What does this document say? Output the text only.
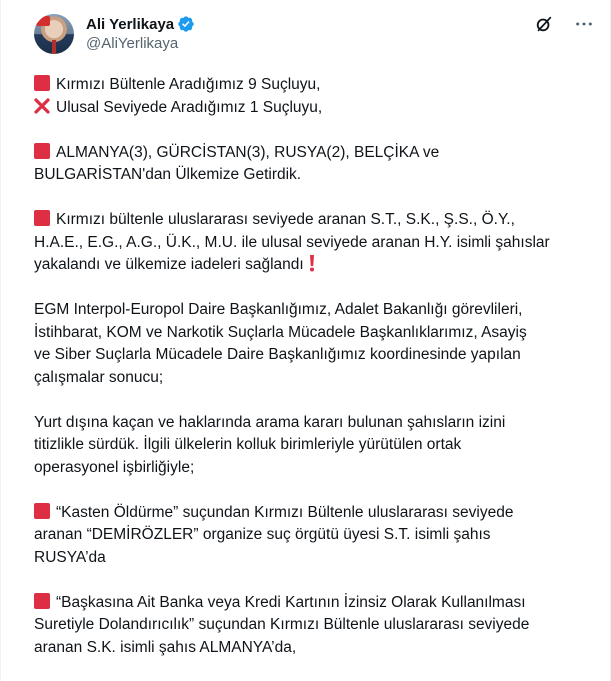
Ali Yerlikaya
@AliYerlikaya
Kırmızı Bültenle Aradığımız 9 Suçluyu,
Ulusal Seviyede Aradığımız 1 Suçluyu,
ALMANYA(3), GÜRCİSTAN(3), RUSYA(2), BELÇİKA ve
BULGARİSTAN'dan Ülkemize Getirdik.
Kırmızı bültenle uluslararası seviyede aranan S.T., S.K., Ş.S., Ö.Y.,
H.A.E., E.G., A.G., Ü.K., M.U. ile ulusal seviyede aranan H.Y. isimli şahıslar
yakalandı ve ülkemize iadeleri sağlandı
EGM Interpol-Europol Daire Başkanlığımız, Adalet Bakanlığı görevlileri,
İstihbarat, KOM ve Narkotik Suçlarla Mücadele Başkanlıklarımız, Asayiş
ve Siber Suçlarla Mücadele Daire Başkanlığımız koordinesinde yapılan
çalışmalar sonucu;
Yurt dışına kaçan ve haklarında arama kararı bulunan şahısların izini
titizlikle sürdük. İlgili ülkelerin kolluk birimleriyle yürütülen ortak
operasyonel işbirliğiyle;
“Kasten Öldürme” suçundan Kırmızı Bültenle uluslararası seviyede
aranan “DEMİRÖZLER” organize suç örgütü üyesi S.T. isimli şahıs
RUSYA’da
“Başkasına Ait Banka veya Kredi Kartının İzinsiz Olarak Kullanılması
Suretiyle Dolandırıcılık” suçundan Kırmızı Bültenle uluslararası seviyede
aranan S.K. isimli şahıs ALMANYA’da,
